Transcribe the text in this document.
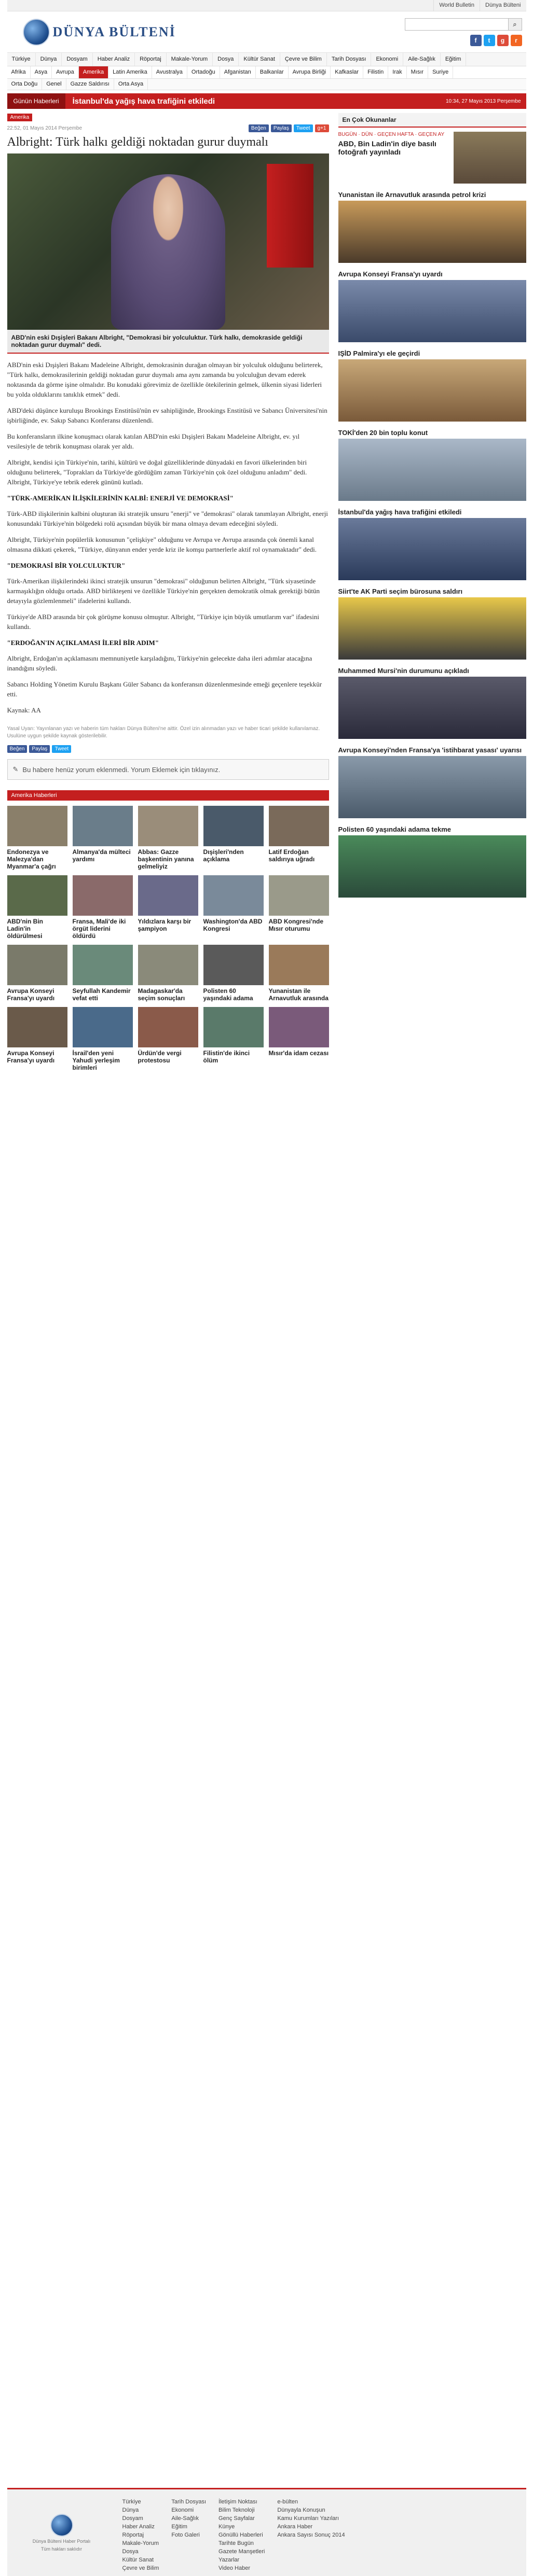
World Bulletin	Dünya Bülteni
DÜNYA BÜLTENİ
⌕
f	t	g	r
Türkiye	Dünya	Dosyam	Haber Analiz	Röportaj	Makale-Yorum	Dosya	Kültür Sanat	Çevre ve Bilim	Tarih Dosyası	Ekonomi	Aile-Sağlık	Eğitim
Afrika	Asya	Avrupa	Amerika	Latin Amerika	Avustralya	Ortadoğu	Afganistan	Balkanlar	Avrupa Birliği	Kafkaslar	Filistin	Irak	Mısır	Suriye
Orta Doğu	Genel	Gazze Saldırısı	Orta Asya
Günün Haberleri	İstanbul'da yağış hava trafiğini etkiledi	10:34, 27 Mayıs 2013 Perşembe
Amerika
22:52, 01 Mayıs 2014 Perşembe	Beğen	Paylaş	Tweet	g+1
Albright: Türk halkı geldiği noktadan gurur duymalı
ABD'nin eski Dışişleri Bakanı Albright, "Demokrasi bir yolculuktur. Türk halkı, demokraside geldiği noktadan gurur duymalı" dedi.

ABD'nin eski Dışişleri Bakanı Madeleine Albright, demokrasinin durağan olmayan bir yolculuk olduğunu belirterek, "Türk halkı, demokrasilerinin geldiği noktadan gurur duymalı ama aynı zamanda bu yolculuğun devam ederek noktasında da görme işine olmalıdır. Bu konudaki görevimiz de özellikle ötekilerinin gelmek, ülkenin siyasi liderleri bu yolda olduklarını tanıklık etmek" dedi.

ABD'deki düşünce kuruluşu Brookings Enstitüsü'nün ev sahipliğinde, Brookings Enstitüsü ve Sabancı Üniversitesi'nin işbirliğinde, ev. Sakıp Sabancı Konferansı düzenlendi.

Bu konferansların ilkine konuşmacı olarak katılan ABD'nin eski Dışişleri Bakanı Madeleine Albright, ev. yıl vesilesiyle de tebrik konuşması olarak yer aldı.

Albright, kendisi için Türkiye'nin, tarihi, kültürü ve doğal güzelliklerinde dünyadaki en favori ülkelerinden biri olduğunu belirterek, "Toprakları da Türkiye'de gördüğüm zaman Türkiye'nin çok özel olduğunu anladım" dedi. Albright, Türkiye'ye tebrik ederek gününü kutladı.

"TÜRK-AMERİKAN İLİŞKİLERİNİN KALBİ: ENERJİ VE DEMOKRASİ"

Türk-ABD ilişkilerinin kalbini oluşturan iki stratejik unsuru "enerji" ve "demokrasi" olarak tanımlayan Albright, enerji konusundaki Türkiye'nin bölgedeki rolü açısından büyük bir mana olmaya devam edeceğini söyledi.

Albright, Türkiye'nin popülerlik konusunun "çelişkiye" olduğunu ve Avrupa ve Avrupa arasında çok önemli kanal olmasına dikkati çekerek, "Türkiye, dünyanın ender yerde kriz ile komşu partnerlerle aktif rol oynamaktadır" dedi.

"DEMOKRASİ BİR YOLCULUKTUR"

Türk-Amerikan ilişkilerindeki ikinci stratejik unsurun "demokrasi" olduğunun belirten Albright, "Türk siyasetinde karmaşıklığın olduğu ortada. ABD birlikteşeni ve özellikle Türkiye'nin gerçekten demokratik olmak gerektiği bütün detayıyla gözlemlenmeli" ifadelerini kullandı.

Türkiye'de ABD arasında bir çok görüşme konusu olmuştur. Albright, "Türkiye için büyük umutlarım var" ifadesini kullandı.

"ERDOĞAN'IN AÇIKLAMASI İLERİ BİR ADIM"

Albright, Erdoğan'ın açıklamasını memnuniyetle karşıladığını, Türkiye'nin gelecekte daha ileri adımlar atacağına inandığını söyledi.

Sabancı Holding Yönetim Kurulu Başkanı Güler Sabancı da konferansın düzenlenmesinde emeği geçenlere teşekkür etti.

Kaynak: AA

Yasal Uyarı: Yayınlanan yazı ve haberin tüm hakları Dünya Bülteni'ne aittir. Özel izin alınmadan yazı ve haber ticari şekilde kullanılamaz. Usulüne uygun şekilde kaynak gösterilebilir.
Beğen	Paylaş	Tweet
✎ Bu habere henüz yorum eklenmedi. Yorum Eklemek için tıklayınız.
Amerika Haberleri
Endonezya ve Malezya'dan Myanmar'a çağrı
Almanya'da mülteci yardımı
Abbas: Gazze başkentinin yanına gelmeliyiz
Dışişleri'nden açıklama
Latif Erdoğan saldırıya uğradı
ABD'nin Bin Ladin'in öldürülmesi
Fransa, Mali'de iki örgüt liderini öldürdü
Yıldızlara karşı bir şampiyon
Washington'da ABD Kongresi
ABD Kongresi'nde Mısır oturumu
Avrupa Konseyi Fransa'yı uyardı
Seyfullah Kandemir vefat etti
Madagaskar'da seçim sonuçları
Polisten 60 yaşındaki adama
Yunanistan ile Arnavutluk arasında
Avrupa Konseyi Fransa'yı uyardı
İsrail'den yeni Yahudi yerleşim birimleri
Ürdün'de vergi protestosu
Filistin'de ikinci ölüm
Mısır'da idam cezası
En Çok Okunanlar
BUGÜN · DÜN · GEÇEN HAFTA · GEÇEN AY
ABD, Bin Ladin'in diye basılı fotoğrafı yayınladı
Yunanistan ile Arnavutluk arasında petrol krizi
Avrupa Konseyi Fransa'yı uyardı
IŞİD Palmira'yı ele geçirdi
TOKİ'den 20 bin toplu konut
İstanbul'da yağış hava trafiğini etkiledi
Siirt'te AK Parti seçim bürosuna saldırı
Muhammed Mursi'nin durumunu açıkladı
Avrupa Konseyi'nden Fransa'ya 'istihbarat yasası' uyarısı
Polisten 60 yaşındaki adama tekme
Dünya Bülteni Haber Portalı
Tüm hakları saklıdır
Türkiye
Dünya
Dosyam
Haber Analiz
Röportaj
Makale-Yorum
Dosya
Kültür Sanat
Çevre ve Bilim
Tarih Dosyası
Ekonomi
Aile-Sağlık
Eğitim
Foto Galeri
İletişim Noktası
Bilim Teknoloji
Genç Sayfalar
Künye
Gönüllü Haberleri
Tarihte Bugün
Gazete Manşetleri
Yazarlar
Video Haber
e-bülten
Dünyayla Konuşun
Kamu Kurumları Yazıları
Ankara Haber
Ankara Sayısı Sonuç 2014
